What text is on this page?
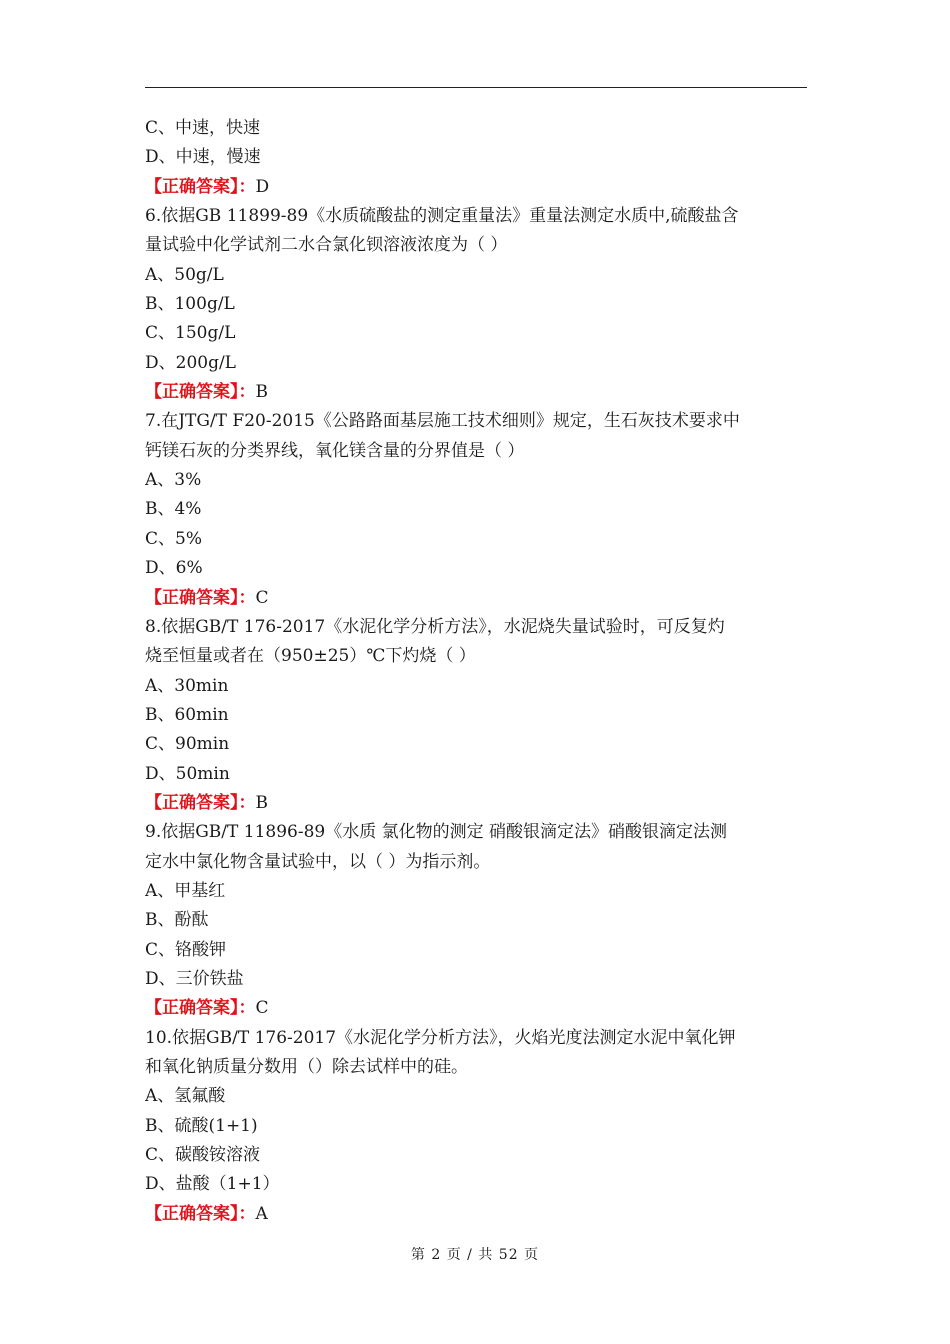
C、中速，快速
D、中速，慢速
【正确答案】：D
6.依据GB 11899-89《水质硫酸盐的测定重量法》重量法测定水质中,硫酸盐含
量试验中化学试剂二水合氯化钡溶液浓度为（ ）
A、50g/L
B、100g/L
C、150g/L
D、200g/L
【正确答案】：B
7.在JTG/T F20-2015《公路路面基层施工技术细则》规定，生石灰技术要求中
钙镁石灰的分类界线，氧化镁含量的分界值是（ ）
A、3%
B、4%
C、5%
D、6%
【正确答案】：C
8.依据GB/T 176-2017《水泥化学分析方法》，水泥烧失量试验时，可反复灼
烧至恒量或者在（950±25）℃下灼烧（ ）
A、30min
B、60min
C、90min
D、50min
【正确答案】：B
9.依据GB/T 11896-89《水质 氯化物的测定 硝酸银滴定法》硝酸银滴定法测
定水中氯化物含量试验中，以（ ）为指示剂。
A、甲基红
B、酚酞
C、铬酸钾
D、三价铁盐
【正确答案】：C
10.依据GB/T 176-2017《水泥化学分析方法》，火焰光度法测定水泥中氧化钾
和氧化钠质量分数用（）除去试样中的硅。
A、氢氟酸
B、硫酸(1+1)
C、碳酸铵溶液
D、盐酸（1+1）
【正确答案】：A
第 2 页 / 共 52 页
